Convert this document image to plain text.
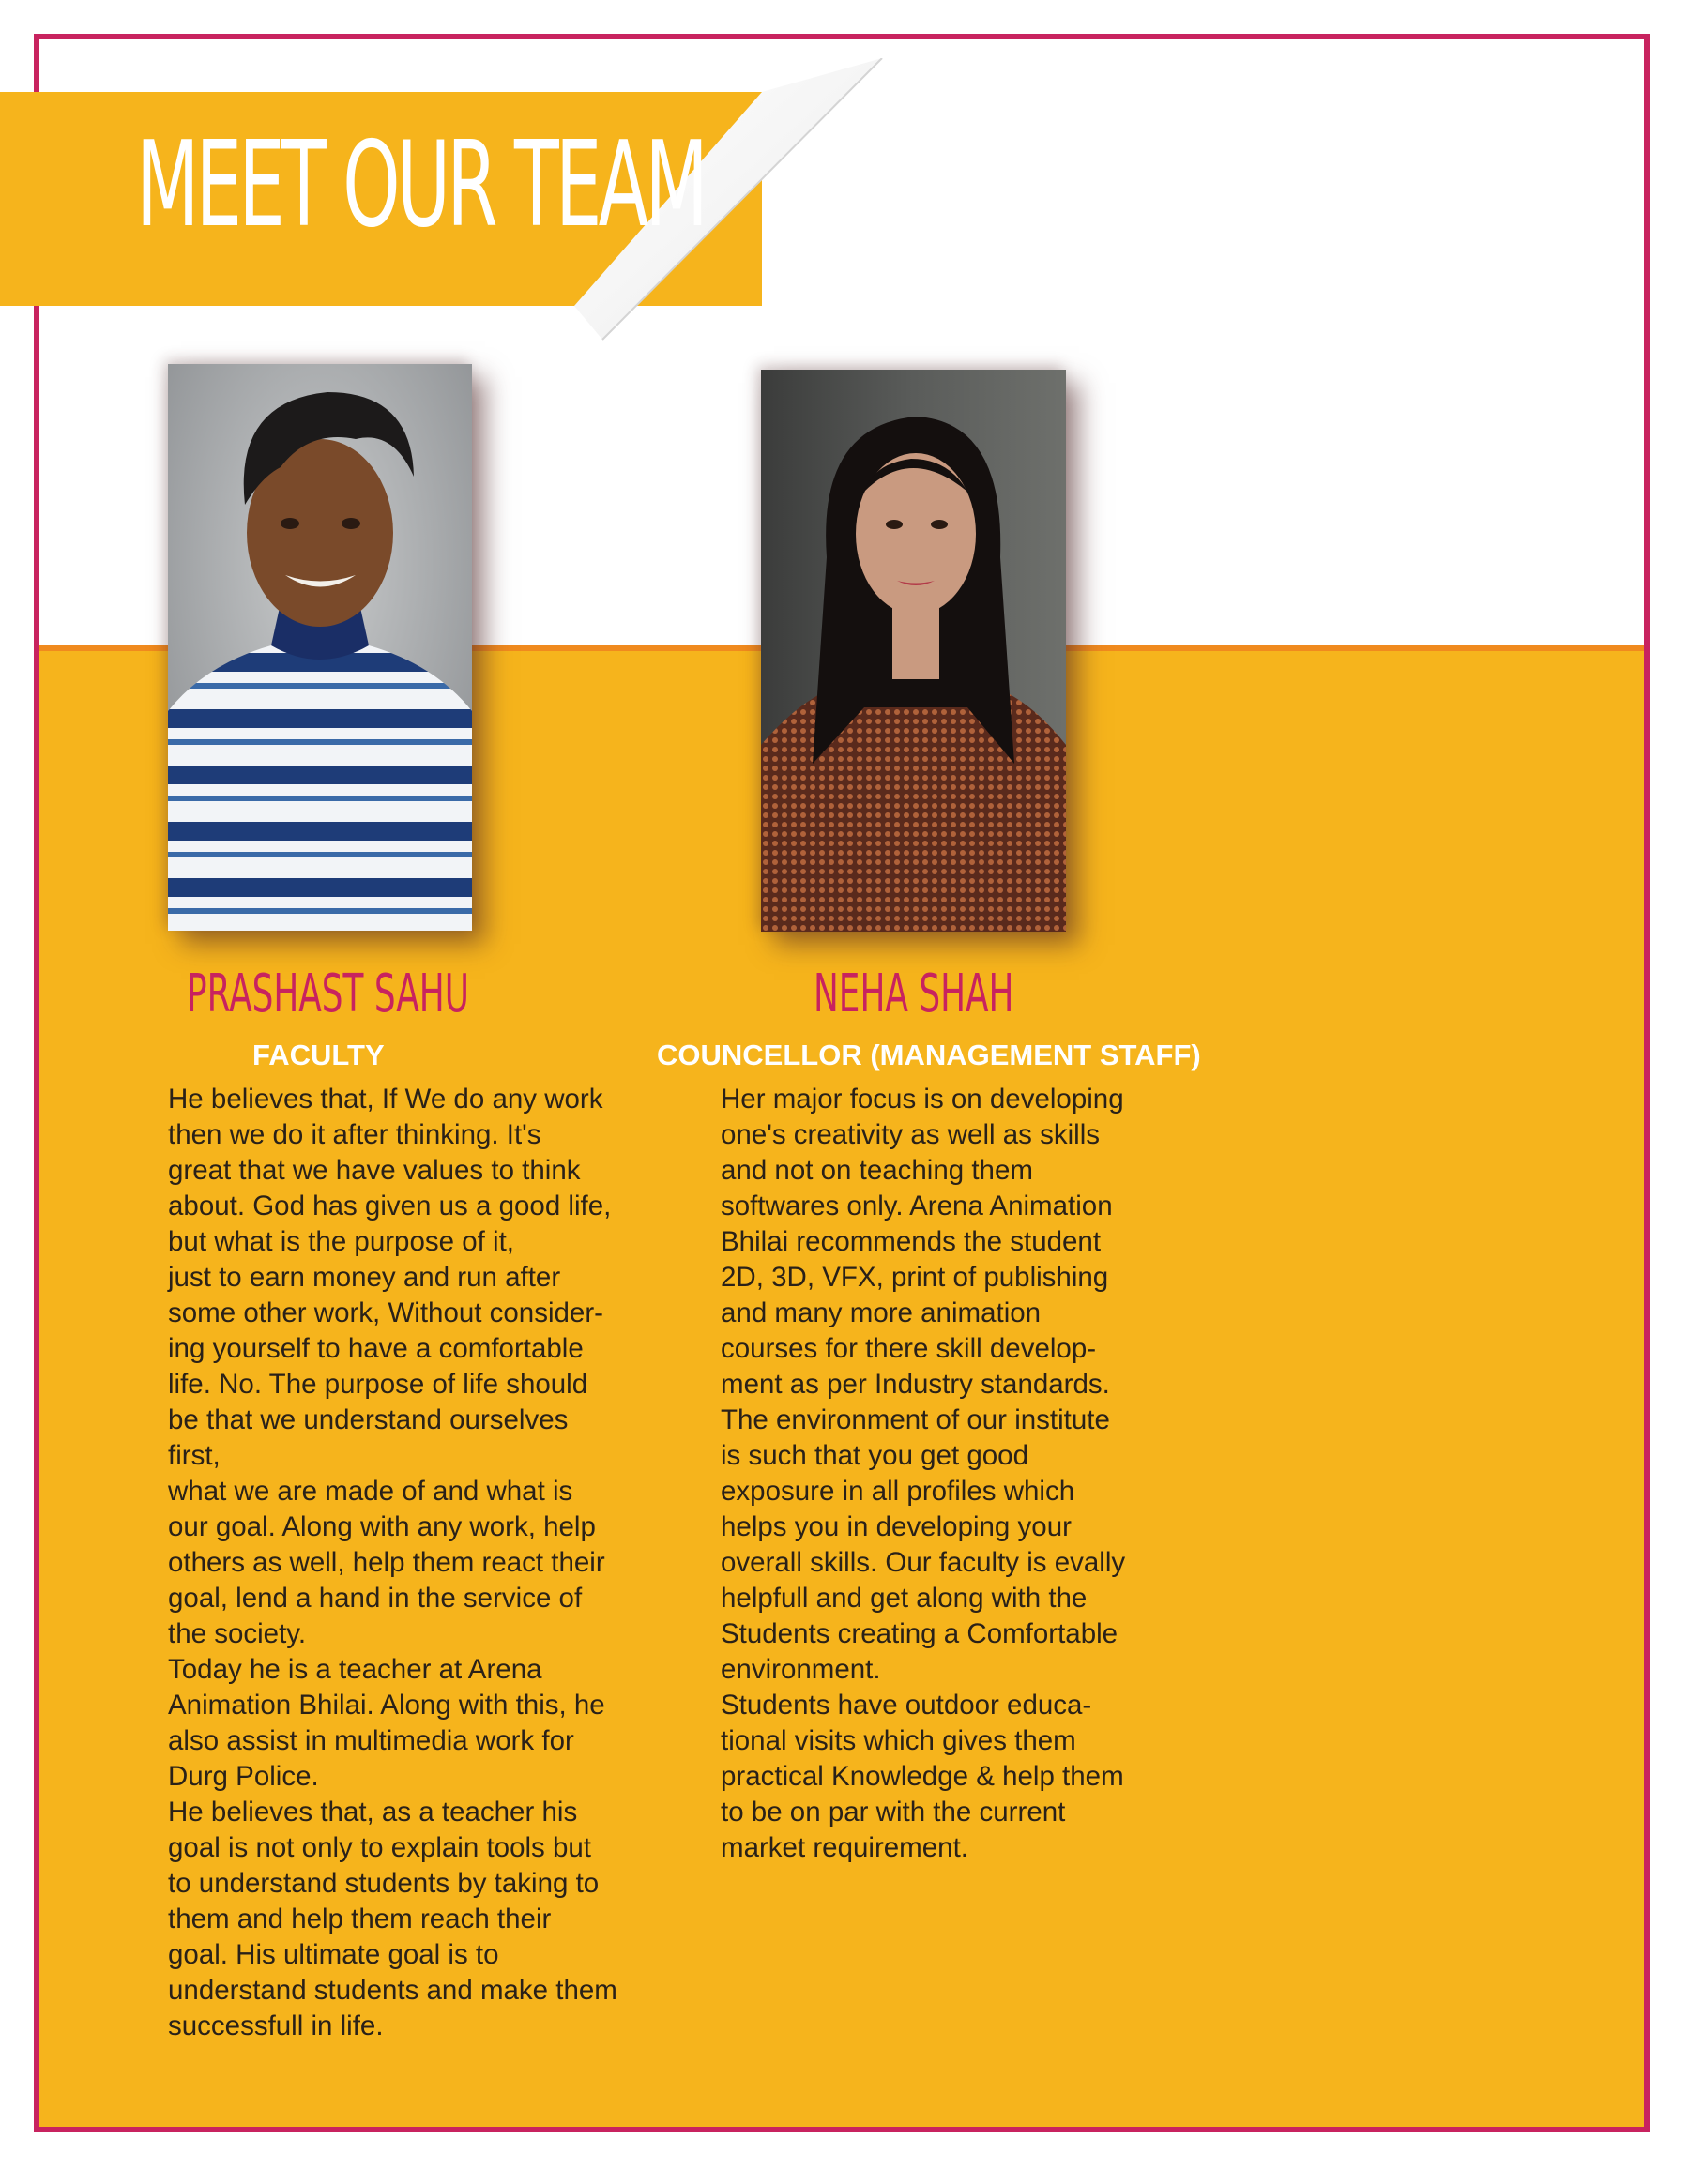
MEET OUR TEAM
PRASHAST SAHU	NEHA SHAH
FACULTY	COUNCELLOR (MANAGEMENT STAFF)
He believes that, If We do any work
then we do it after thinking. It's
great that we have values to think
about. God has given us a good life,
but what is the purpose of it,
just to earn money and run after
some other work, Without consider-
ing yourself to have a comfortable
life. No. The purpose of life should
be that we understand ourselves
first,
what we are made of and what is
our goal. Along with any work, help
others as well, help them react their
goal, lend a hand in the service of
the society.
Today he is a teacher at Arena
Animation Bhilai. Along with this, he
also assist in multimedia work for
Durg Police.
He believes that, as a teacher his
goal is not only to explain tools but
to understand students by taking to
them and help them reach their
goal. His ultimate goal is to
understand students and make them
successfull in life.
Her major focus is on developing
one's creativity as well as skills
and not on teaching them
softwares only. Arena Animation
Bhilai recommends the student
2D, 3D, VFX, print of publishing
and many more animation
courses for there skill develop-
ment as per Industry standards.
The environment of our institute
is such that you get good
exposure in all profiles which
helps you in developing your
overall skills. Our faculty is evally
helpfull and get along with the
Students creating a Comfortable
environment.
Students have outdoor educa-
tional visits which gives them
practical Knowledge & help them
to be on par with the current
market requirement.
